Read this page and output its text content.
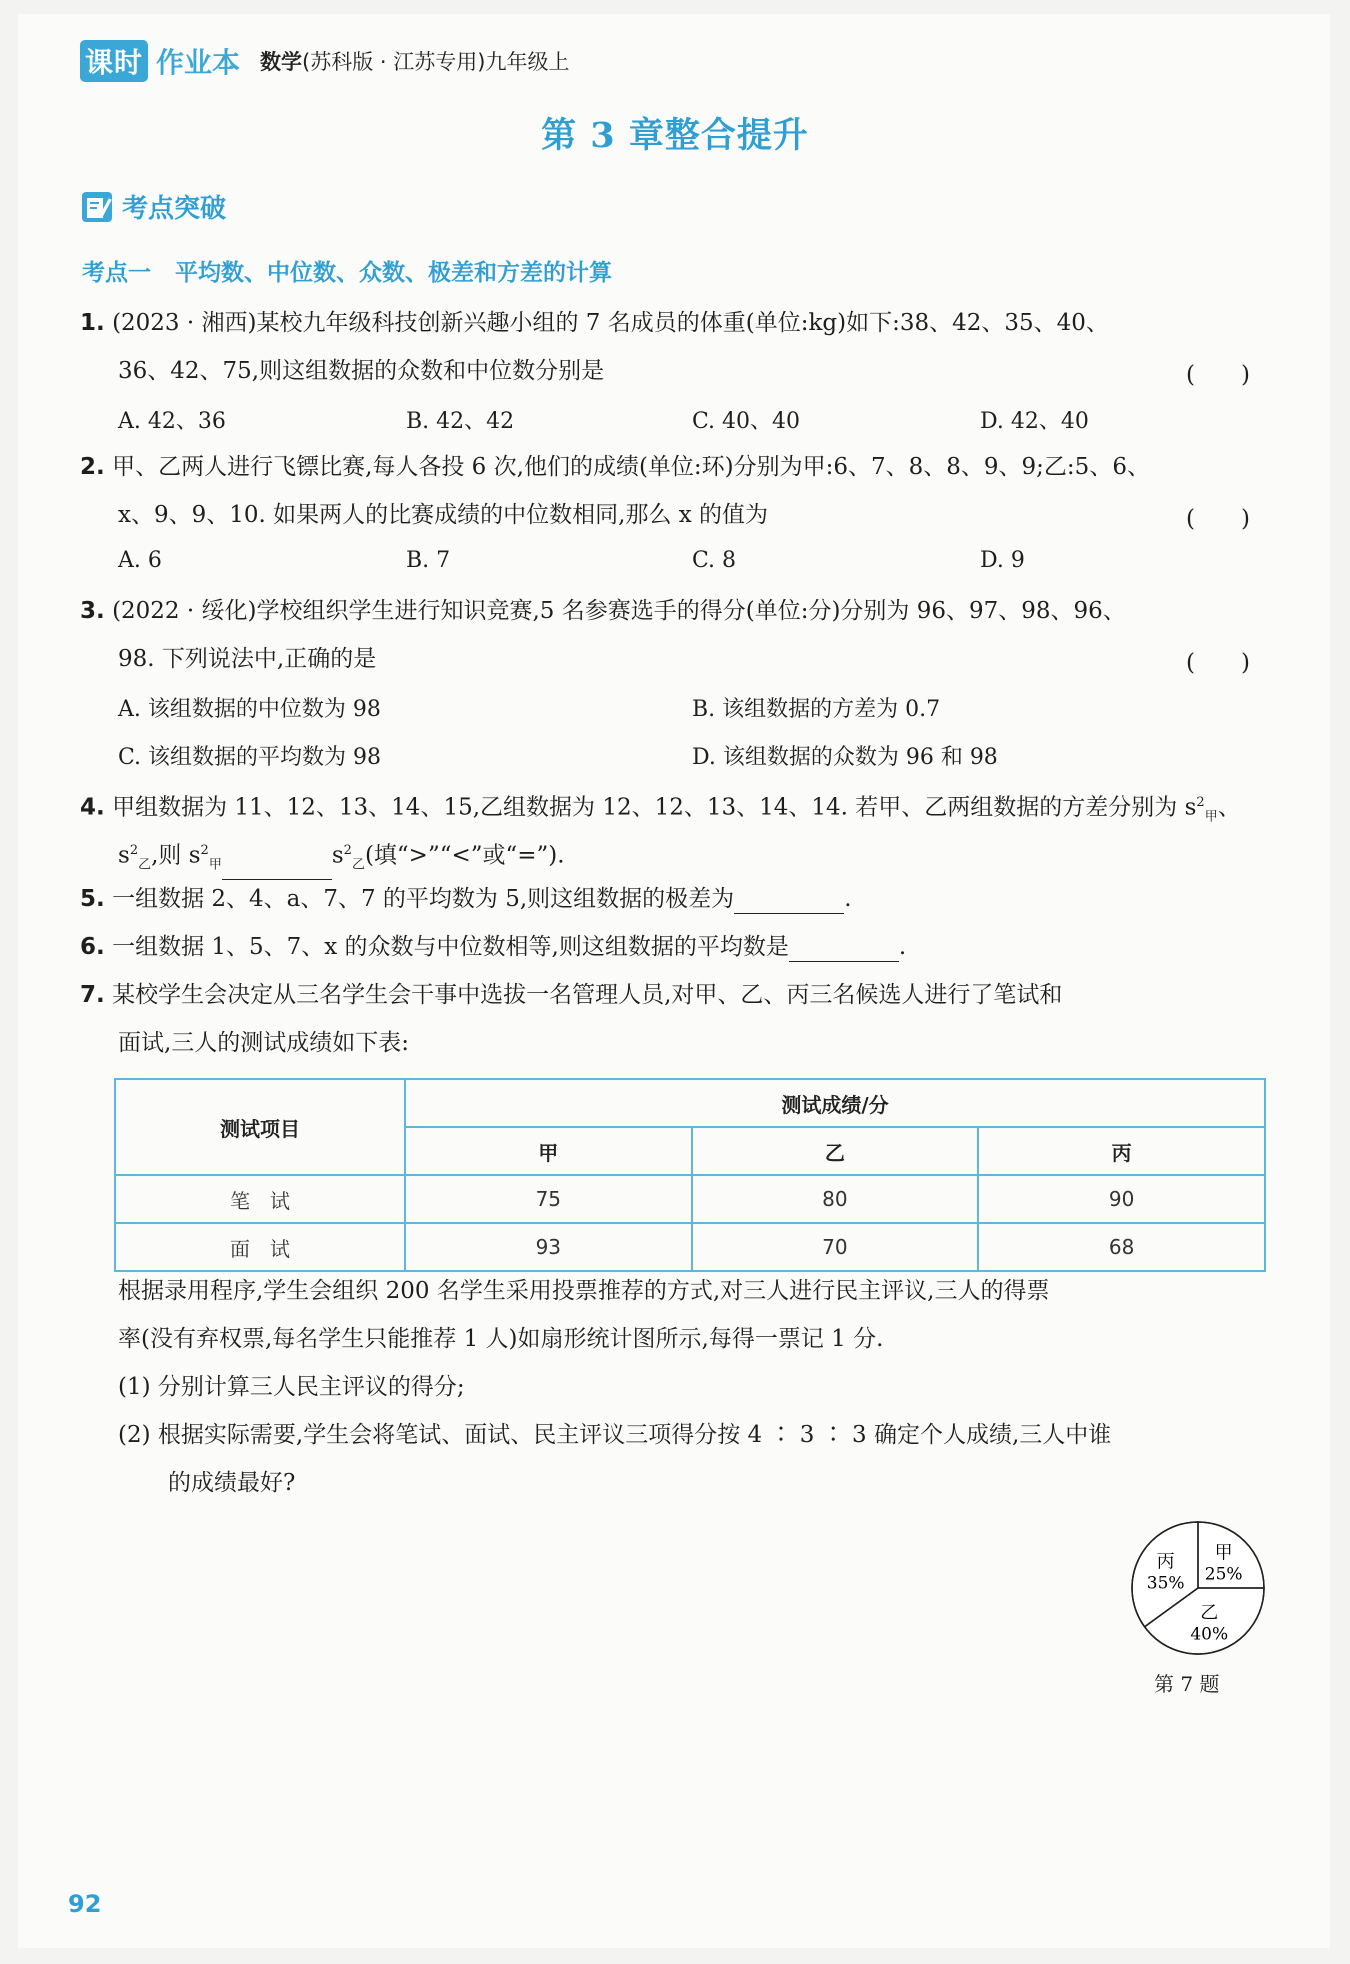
课时 作业本 数学(苏科版 · 江苏专用)九年级上
第 3 章整合提升
考点突破
考点一 平均数、中位数、众数、极差和方差的计算
1. (2023 · 湘西)某校九年级科技创新兴趣小组的 7 名成员的体重(单位:kg)如下:38、42、35、40、
36、42、75,则这组数据的众数和中位数分别是	(　　)
A. 42、36	B. 42、42	C. 40、40	D. 42、40
2. 甲、乙两人进行飞镖比赛,每人各投 6 次,他们的成绩(单位:环)分别为甲:6、7、8、8、9、9;乙:5、6、
x、9、9、10. 如果两人的比赛成绩的中位数相同,那么 x 的值为	(　　)
A. 6	B. 7	C. 8	D. 9
3. (2022 · 绥化)学校组织学生进行知识竞赛,5 名参赛选手的得分(单位:分)分别为 96、97、98、96、
98. 下列说法中,正确的是	(　　)
A. 该组数据的中位数为 98	B. 该组数据的方差为 0.7
C. 该组数据的平均数为 98	D. 该组数据的众数为 96 和 98
4. 甲组数据为 11、12、13、14、15,乙组数据为 12、12、13、14、14. 若甲、乙两组数据的方差分别为 $s^2_甲$、
$s^2_乙$,则 $s^2_甲$	$s^2_乙$(填“>”“<”或“=”).
5. 一组数据 2、4、a、7、7 的平均数为 5,则这组数据的极差为	.
6. 一组数据 1、5、7、x 的众数与中位数相等,则这组数据的平均数是	.
7. 某校学生会决定从三名学生会干事中选拔一名管理人员,对甲、乙、丙三名候选人进行了笔试和
面试,三人的测试成绩如下表:
测试项目	测试成绩/分		
	甲	乙	丙
笔　试	75	80	90
面　试	93	70	68
根据录用程序,学生会组织 200 名学生采用投票推荐的方式,对三人进行民主评议,三人的得票
率(没有弃权票,每名学生只能推荐 1 人)如扇形统计图所示,每得一票记 1 分.
(1) 分别计算三人民主评议的得分;
(2) 根据实际需要,学生会将笔试、面试、民主评议三项得分按 4 ∶ 3 ∶ 3 确定个人成绩,三人中谁
的成绩最好?
甲
25%
乙
40%
丙
35%
第 7 题
92
